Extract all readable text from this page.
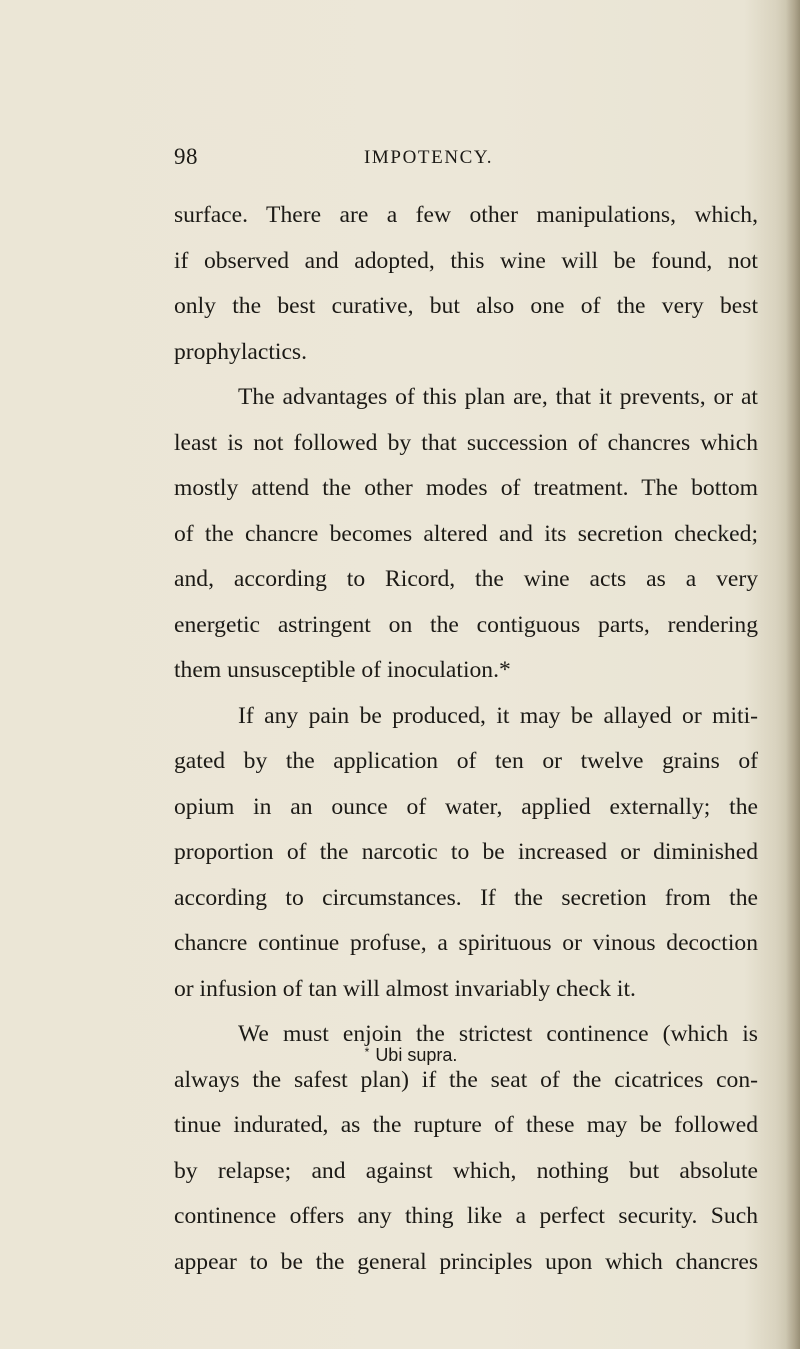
98	IMPOTENCY.
surface. There are a few other manipulations, which,
if observed and adopted, this wine will be found, not
only the best curative, but also one of the very best
prophylactics.
The advantages of this plan are, that it prevents, or at
least is not followed by that succession of chancres which
mostly attend the other modes of treatment. The bottom
of the chancre becomes altered and its secretion checked;
and, according to Ricord, the wine acts as a very
energetic astringent on the contiguous parts, rendering
them unsusceptible of inoculation.*
If any pain be produced, it may be allayed or miti-
gated by the application of ten or twelve grains of
opium in an ounce of water, applied externally; the
proportion of the narcotic to be increased or diminished
according to circumstances. If the secretion from the
chancre continue profuse, a spirituous or vinous decoction
or infusion of tan will almost invariably check it.
We must enjoin the strictest continence (which is
always the safest plan) if the seat of the cicatrices con-
tinue indurated, as the rupture of these may be followed
by relapse; and against which, nothing but absolute
continence offers any thing like a perfect security. Such
appear to be the general principles upon which chancres
* Ubi supra.
